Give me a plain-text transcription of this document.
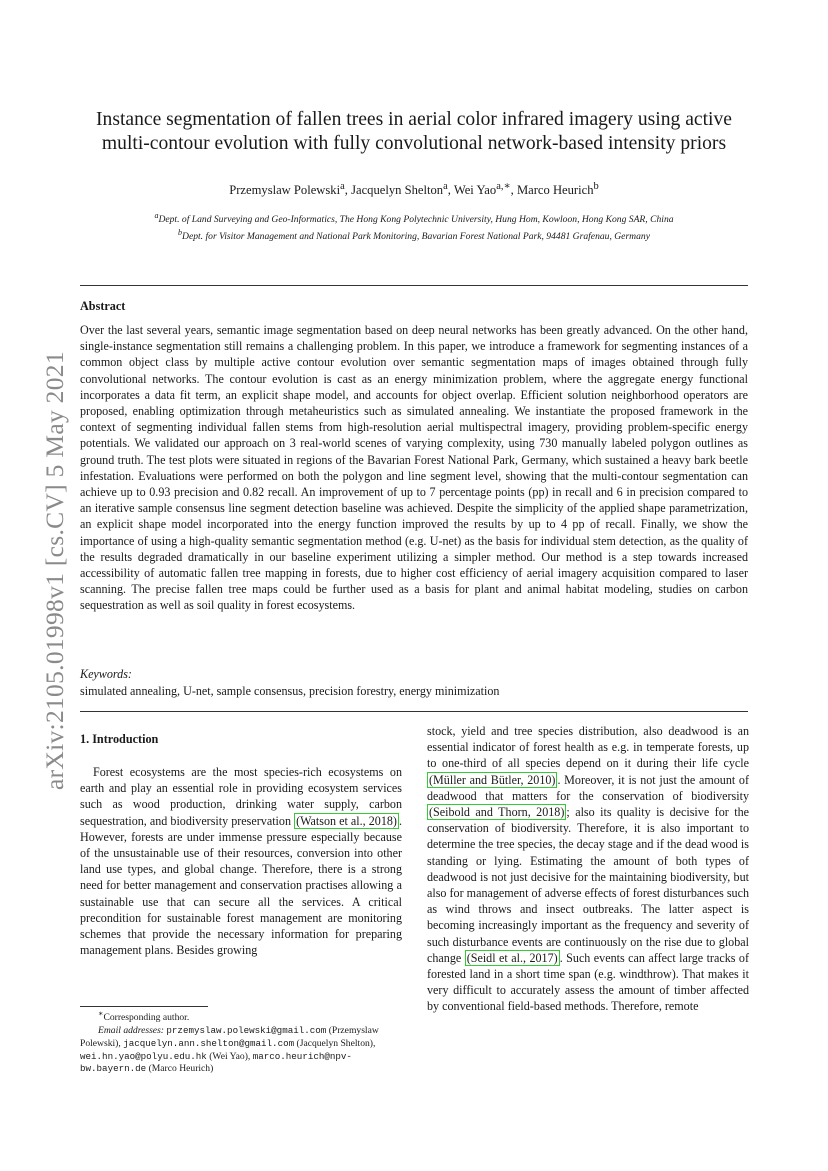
arXiv:2105.01998v1 [cs.CV] 5 May 2021
Instance segmentation of fallen trees in aerial color infrared imagery using active
multi-contour evolution with fully convolutional network-based intensity priors
Przemyslaw Polewski$^a$, Jacquelyn Shelton$^a$, Wei Yao$^{a,∗}$, Marco Heurich$^b$
$^a$Dept. of Land Surveying and Geo-Informatics, The Hong Kong Polytechnic University, Hung Hom, Kowloon, Hong Kong SAR, China
$^b$Dept. for Visitor Management and National Park Monitoring, Bavarian Forest National Park, 94481 Grafenau, Germany
Abstract
Over the last several years, semantic image segmentation based on deep neural networks has been greatly advanced. On the other hand, single-instance segmentation still remains a challenging problem. In this paper, we introduce a framework for segmenting instances of a common object class by multiple active contour evolution over semantic segmentation maps of images obtained through fully convolutional networks. The contour evolution is cast as an energy minimization problem, where the aggregate energy functional incorporates a data fit term, an explicit shape model, and accounts for object overlap. Efficient solution neighborhood operators are proposed, enabling optimization through metaheuristics such as simulated annealing. We instantiate the proposed framework in the context of segmenting individual fallen stems from high-resolution aerial multispectral imagery, providing problem-specific energy potentials. We validated our approach on 3 real-world scenes of varying complexity, using 730 manually labeled polygon outlines as ground truth. The test plots were situated in regions of the Bavarian Forest National Park, Germany, which sustained a heavy bark beetle infestation. Evaluations were performed on both the polygon and line segment level, showing that the multi-contour segmentation can achieve up to 0.93 precision and 0.82 recall. An improvement of up to 7 percentage points (pp) in recall and 6 in precision compared to an iterative sample consensus line segment detection baseline was achieved. Despite the simplicity of the applied shape parametrization, an explicit shape model incorporated into the energy function improved the results by up to 4 pp of recall. Finally, we show the importance of using a high-quality semantic segmentation method (e.g. U-net) as the basis for individual stem detection, as the quality of the results degraded dramatically in our baseline experiment utilizing a simpler method. Our method is a step towards increased accessibility of automatic fallen tree mapping in forests, due to higher cost efficiency of aerial imagery acquisition compared to laser scanning. The precise fallen tree maps could be further used as a basis for plant and animal habitat modeling, studies on carbon sequestration as well as soil quality in forest ecosystems.
Keywords:
simulated annealing, U-net, sample consensus, precision forestry, energy minimization
1. Introduction
Forest ecosystems are the most species-rich ecosystems on earth and play an essential role in providing ecosystem services such as wood production, drinking water supply, carbon sequestration, and biodiversity preservation (Watson et al., 2018) . However, forests are under immense pressure especially because of the unsustainable use of their resources, conversion into other land use types, and global change. Therefore, there is a strong need for better management and conservation practises allowing a sustainable use that can secure all the services. A critical precondition for sustainable forest management are monitoring schemes that provide the necessary information for preparing management plans. Besides growing
stock, yield and tree species distribution, also deadwood is an essential indicator of forest health as e.g. in temperate forests, up to one-third of all species depend on it during their life cycle (Müller and Bütler, 2010) . Moreover, it is not just the amount of deadwood that matters for the conservation of biodiversity (Seibold and Thorn, 2018) ; also its quality is decisive for the conservation of biodiversity. Therefore, it is also important to determine the tree species, the decay stage and if the dead wood is standing or lying. Estimating the amount of both types of deadwood is not just decisive for the maintaining biodiversity, but also for management of adverse effects of forest disturbances such as wind throws and insect outbreaks. The latter aspect is becoming increasingly important as the frequency and severity of such disturbance events are continuously on the rise due to global change (Seidl et al., 2017) . Such events can affect large tracks of forested land in a short time span (e.g. windthrow). That makes it very difficult to accurately assess the amount of timber affected by conventional field-based methods. Therefore, remote

∗Corresponding author.

Email addresses: przemyslaw.polewski@gmail.com (Przemyslaw Polewski), jacquelyn.ann.shelton@gmail.com (Jacquelyn Shelton), wei.hn.yao@polyu.edu.hk (Wei Yao), marco.heurich@npv-bw.bayern.de (Marco Heurich)
